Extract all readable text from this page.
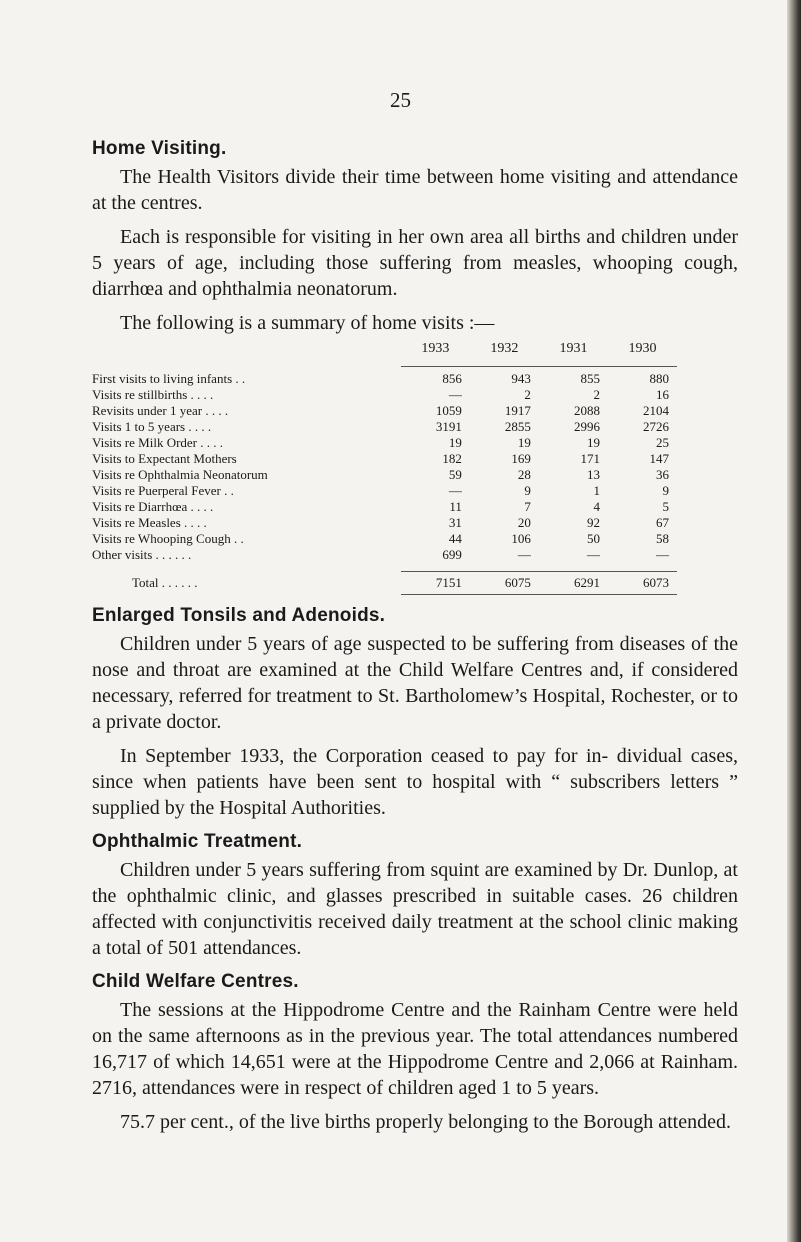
25
Home Visiting.

The Health Visitors divide their time between home visiting and attendance at the centres.

Each is responsible for visiting in her own area all births and children under 5 years of age, including those suffering from measles, whooping cough, diarrhœa and ophthalmia neonatorum.

The following is a summary of home visits :—

	1933	1932	1931	1930
First visits to living infants . .	856	943	855	880
Visits re stillbirths . . . .	—	2	2	16
Revisits under 1 year . . . .	1059	1917	2088	2104
Visits 1 to 5 years . . . .	3191	2855	2996	2726
Visits re Milk Order . . . .	19	19	19	25
Visits to Expectant Mothers	182	169	171	147
Visits re Ophthalmia Neonatorum	59	28	13	36
Visits re Puerperal Fever . .	—	9	1	9
Visits re Diarrhœa . . . .	11	7	4	5
Visits re Measles . . . .	31	20	92	67
Visits re Whooping Cough . .	44	106	50	58
Other visits . . . . . .	699	—	—	—

Total . . . . . .	7151	6075	6291	6073
Enlarged Tonsils and Adenoids.

Children under 5 years of age suspected to be suffering from diseases of the nose and throat are examined at the Child Welfare Centres and, if considered necessary, referred for treatment to St. Bartholomew’s Hospital, Rochester, or to a private doctor.

In September 1933, the Corporation ceased to pay for in- dividual cases, since when patients have been sent to hospital with “ subscribers letters ” supplied by the Hospital Authorities.

Ophthalmic Treatment.

Children under 5 years suffering from squint are examined by Dr. Dunlop, at the ophthalmic clinic, and glasses prescribed in suitable cases. 26 children affected with conjunctivitis received daily treatment at the school clinic making a total of 501 attendances.

Child Welfare Centres.

The sessions at the Hippodrome Centre and the Rainham Centre were held on the same afternoons as in the previous year. The total attendances numbered 16,717 of which 14,651 were at the Hippodrome Centre and 2,066 at Rainham. 2716, attendances were in respect of children aged 1 to 5 years.

75.7 per cent., of the live births properly belonging to the Borough attended.
